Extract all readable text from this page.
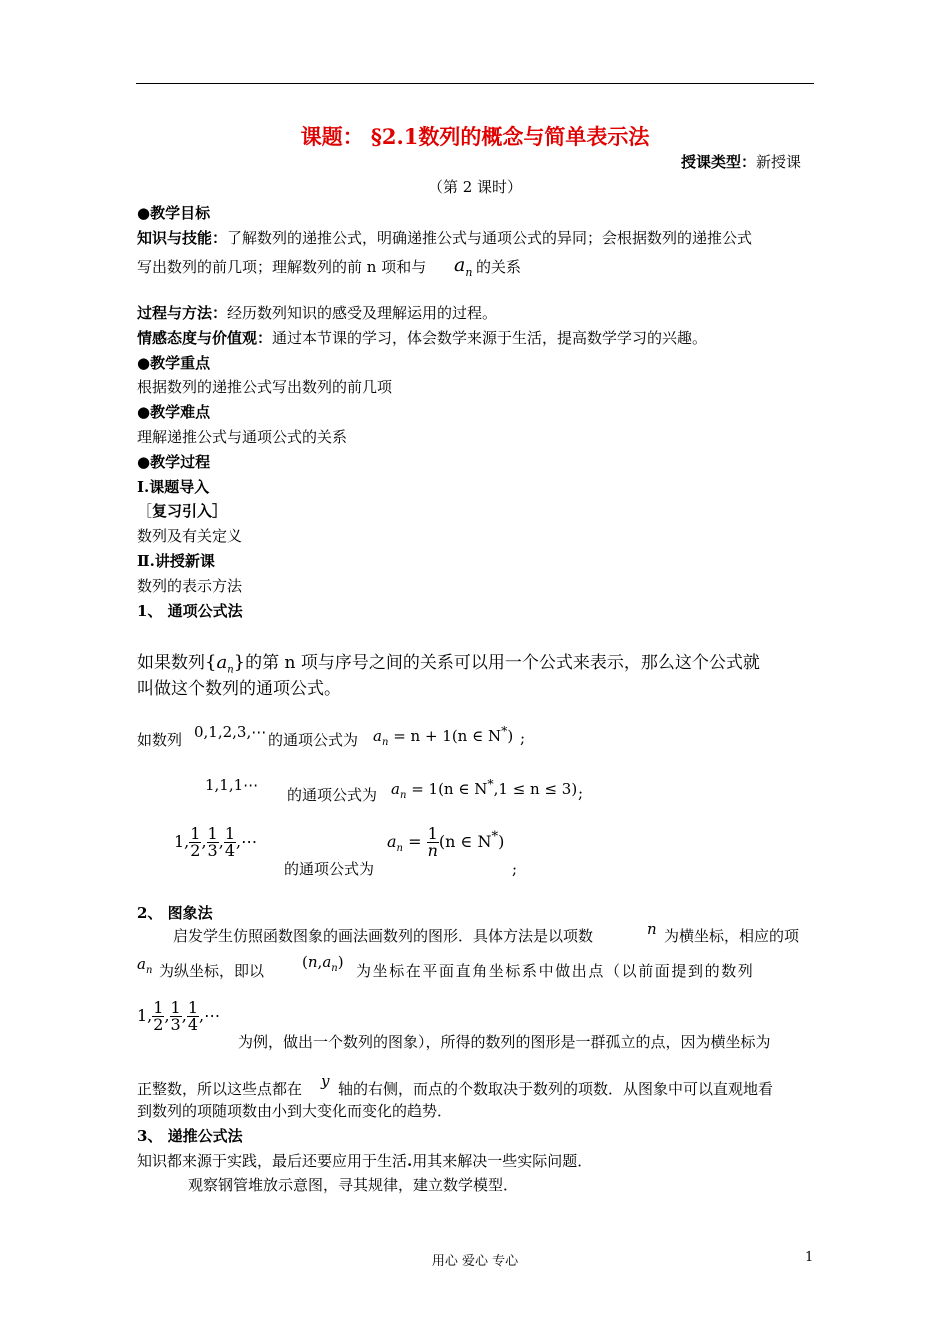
课题： §2.1数列的概念与简单表示法
授课类型：新授课
（第 2 课时）
●教学目标
知识与技能：了解数列的递推公式，明确递推公式与通项公式的异同；会根据数列的递推公式
写出数列的前几项；理解数列的前 n 项和与 $a_n$ 的关系
过程与方法：经历数列知识的感受及理解运用的过程。
情感态度与价值观：通过本节课的学习，体会数学来源于生活，提高数学学习的兴趣。
●教学重点
根据数列的递推公式写出数列的前几项
●教学难点
理解递推公式与通项公式的关系
●教学过程
Ⅰ.课题导入
［复习引入］
数列及有关定义
Ⅱ.讲授新课
数列的表示方法
1、 通项公式法
如果数列$\{a_n\}$的第 n 项与序号之间的关系可以用一个公式来表示，那么这个公式就
叫做这个数列的通项公式。
如数列 0,1,2,3,⋯ 的通项公式为 $a_n = n + 1(n$ ∈ N*) ;
1,1,1⋯
的通项公式为 $a_n = 1(n$ ∈ N*,1 ≤ n ≤ 3) ;
1, $\frac{1}{2}$ , $\frac{1}{3}$ , $\frac{1}{4}$ ,⋯
的通项公式为
$a_n = \frac{1}{n} (n$ ∈ N*)
;
2、 图象法
启发学生仿照函数图象的画法画数列的图形．具体方法是以项数	n 为横坐标，相应的项
$a_n$ 为纵坐标，即以	$(n,a_n)$ 为坐标在平面直角坐标系中做出点（以前面提到的数列
1, $\frac{1}{2}$ , $\frac{1}{3}$ , $\frac{1}{4}$ ,⋯
为例，做出一个数列的图象），所得的数列的图形是一群孤立的点，因为横坐标为
正整数，所以这些点都在 y 轴的右侧，而点的个数取决于数列的项数．从图象中可以直观地看
到数列的项随项数由小到大变化而变化的趋势．
3、 递推公式法
知识都来源于实践，最后还要应用于生活.用其来解决一些实际问题．
观察钢管堆放示意图，寻其规律，建立数学模型．
用心 爱心 专心	1
